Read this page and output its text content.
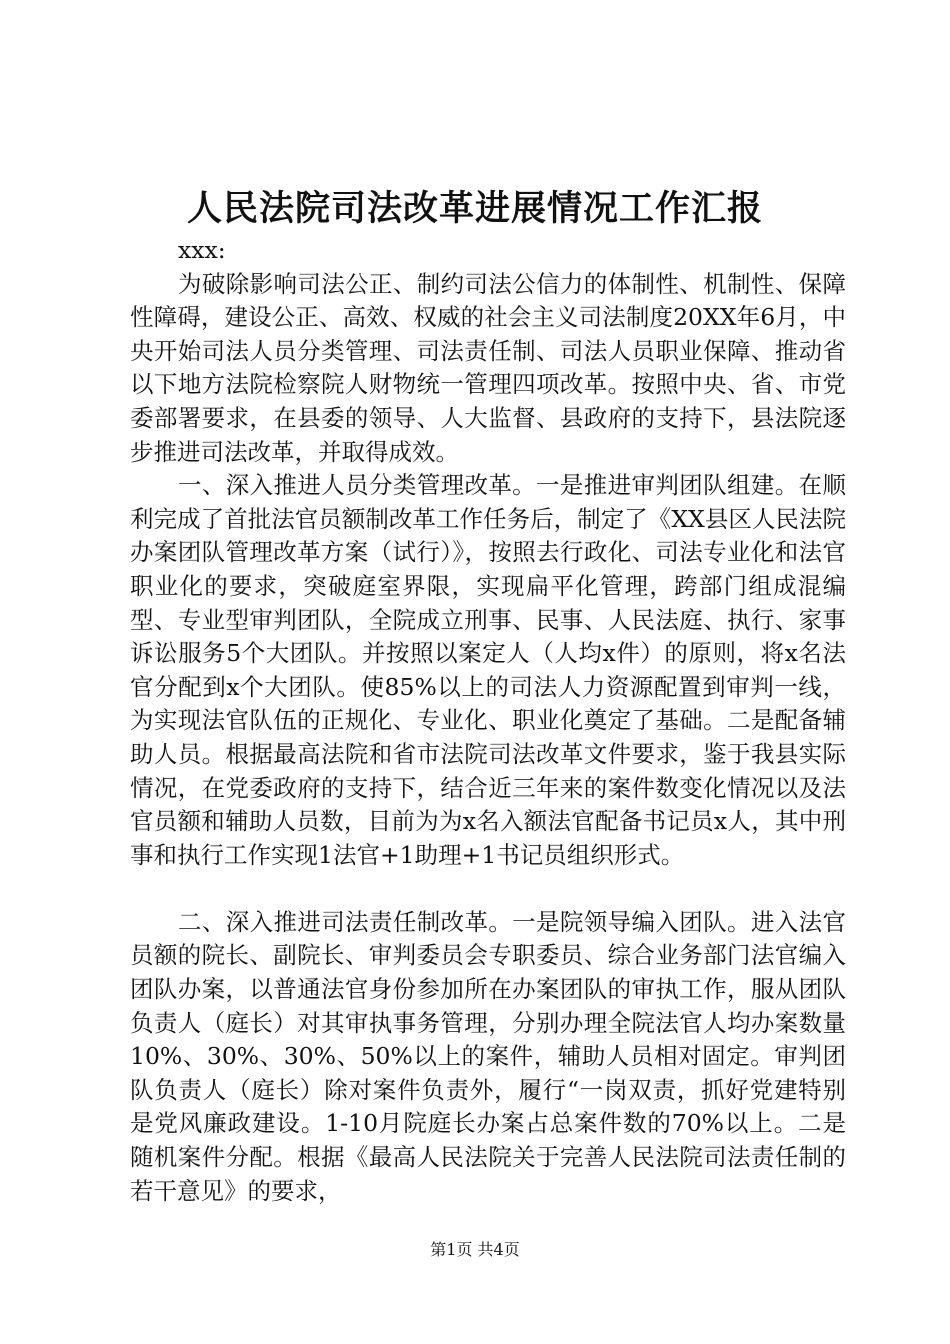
人民法院司法改革进展情况工作汇报

xxx:

为破除影响司法公正、制约司法公信力的体制性、机制性、保障性障碍，建设公正、高效、权威的社会主义司法制度20XX年6月，中央开始司法人员分类管理、司法责任制、司法人员职业保障、推动省以下地方法院检察院人财物统一管理四项改革。按照中央、省、市党委部署要求，在县委的领导、人大监督、县政府的支持下，县法院逐步推进司法改革，并取得成效。

一、深入推进人员分类管理改革。一是推进审判团队组建。在顺利完成了首批法官员额制改革工作任务后，制定了《XX县区人民法院办案团队管理改革方案（试行）》，按照去行政化、司法专业化和法官职业化的要求，突破庭室界限，实现扁平化管理，跨部门组成混编型、专业型审判团队，全院成立刑事、民事、人民法庭、执行、家事诉讼服务5个大团队。并按照以案定人（人均x件）的原则，将x名法官分配到x个大团队。使85%以上的司法人力资源配置到审判一线，为实现法官队伍的正规化、专业化、职业化奠定了基础。二是配备辅助人员。根据最高法院和省市法院司法改革文件要求，鉴于我县实际情况，在党委政府的支持下，结合近三年来的案件数变化情况以及法官员额和辅助人员数，目前为为x名入额法官配备书记员x人，其中刑事和执行工作实现1法官+1助理+1书记员组织形式。

二、深入推进司法责任制改革。一是院领导编入团队。进入法官员额的院长、副院长、审判委员会专职委员、综合业务部门法官编入团队办案，以普通法官身份参加所在办案团队的审执工作，服从团队负责人（庭长）对其审执事务管理，分别办理全院法官人均办案数量10%、30%、30%、50%以上的案件，辅助人员相对固定。审判团队负责人（庭长）除对案件负责外，履行“一岗双责，抓好党建特别是党风廉政建设。1-10月院庭长办案占总案件数的70%以上。二是随机案件分配。根据《最高人民法院关于完善人民法院司法责任制的若干意见》的要求，

第1页 共4页
